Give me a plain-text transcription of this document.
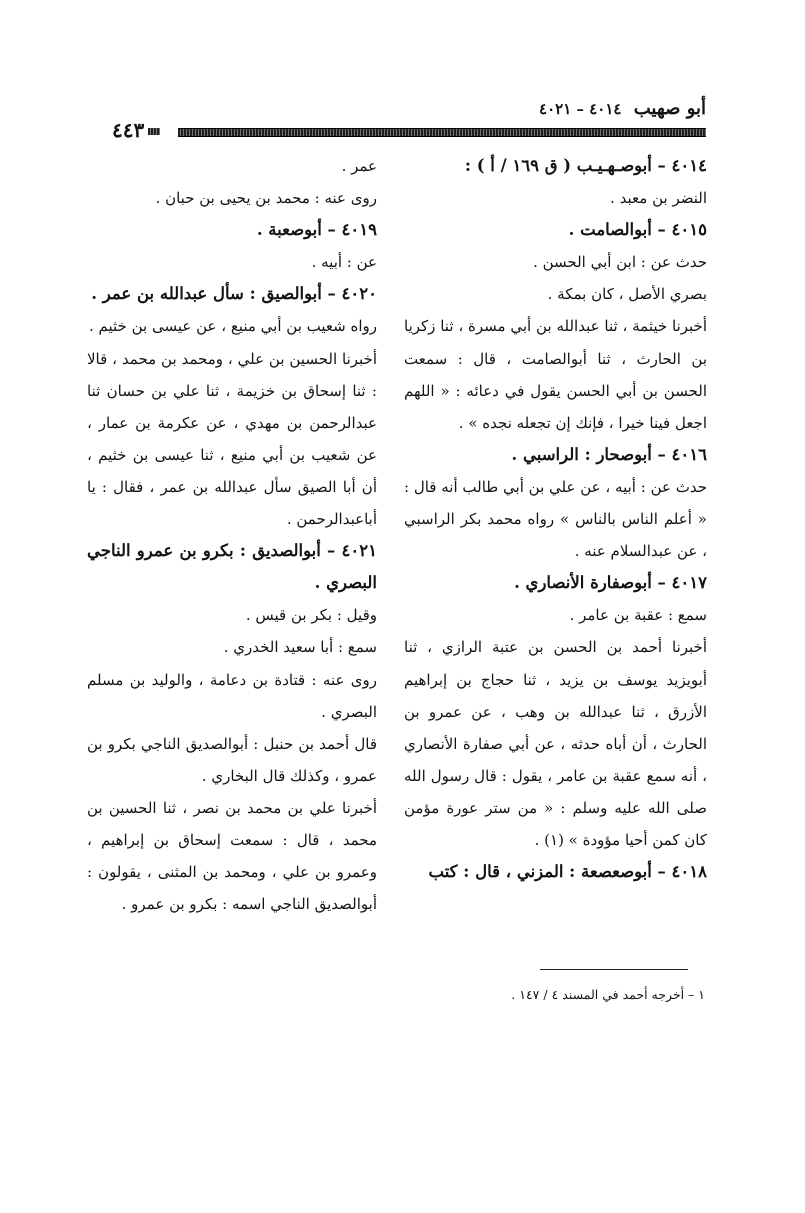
أبو صهيب ٤٠١٤ – ٤٠٢١
٤٤٣

٤٠١٤ – أبوصـهـيـب ( ق ١٦٩ / أ ) :

النضر بن معبد .

٤٠١٥ – أبوالصامت .

حدث عن : ابن أبي الحسن .

بصري الأصل ، كان بمكة .

أخبرنا خيثمة ، ثنا عبدالله بن أبي مسرة ، ثنا زكريا بن الحارث ، ثنا أبوالصامت ، قال : سمعت الحسن بن أبي الحسن يقول في دعائه : « اللهم اجعل فينا خيرا ، فإنك إن تجعله نجده » .

٤٠١٦ – أبوصحار : الراسبي .

حدث عن : أبيه ، عن علي بن أبي طالب أنه قال : « أعلم الناس بالناس » رواه محمد بكر الراسبي ، عن عبدالسلام عنه .

٤٠١٧ – أبوصفارة الأنصاري .

سمع : عقبة بن عامر .

أخبرنا أحمد بن الحسن بن عتبة الرازي ، ثنا أبويزيد يوسف بن يزيد ، ثنا حجاج بن إبراهيم الأزرق ، ثنا عبدالله بن وهب ، عن عمرو بن الحارث ، أن أباه حدثه ، عن أبي صفارة الأنصاري ، أنه سمع عقبة بن عامر ، يقول : قال رسول الله صلى الله عليه وسلم : « من ستر عورة مؤمن كان كمن أحيا مؤودة » (١) .

٤٠١٨ – أبوصعصعة : المزني ، قال : كتب

عمر .

روى عنه : محمد بن يحيى بن حبان .

٤٠١٩ – أبوصعبة .

عن : أبيه .

٤٠٢٠ – أبوالصيق : سأل عبدالله بن عمر .

رواه شعيب بن أبي منيع ، عن عيسى بن خثيم .

أخبرنا الحسين بن علي ، ومحمد بن محمد ، قالا : ثنا إسحاق بن خزيمة ، ثنا علي بن حسان ثنا عبدالرحمن بن مهدي ، عن عكرمة بن عمار ، عن شعيب بن أبي منيع ، ثنا عيسى بن خثيم ، أن أبا الصيق سأل عبدالله بن عمر ، فقال : يا أباعبدالرحمن .

٤٠٢١ – أبوالصديق : بكرو بن عمرو الناجي البصري .

وقيل : بكر بن قيس .

سمع : أبا سعيد الخدري .

روى عنه : قتادة بن دعامة ، والوليد بن مسلم البصري .

قال أحمد بن حنبل : أبوالصديق الناجي بكرو بن عمرو ، وكذلك قال البخاري .

أخبرنا علي بن محمد بن نصر ، ثنا الحسين بن محمد ، قال : سمعت إسحاق بن إبراهيم ، وعمرو بن علي ، ومحمد بن المثنى ، يقولون : أبوالصديق الناجي اسمه : بكرو بن عمرو .

١ – أخرجه أحمد في المسند ٤ / ١٤٧ .
